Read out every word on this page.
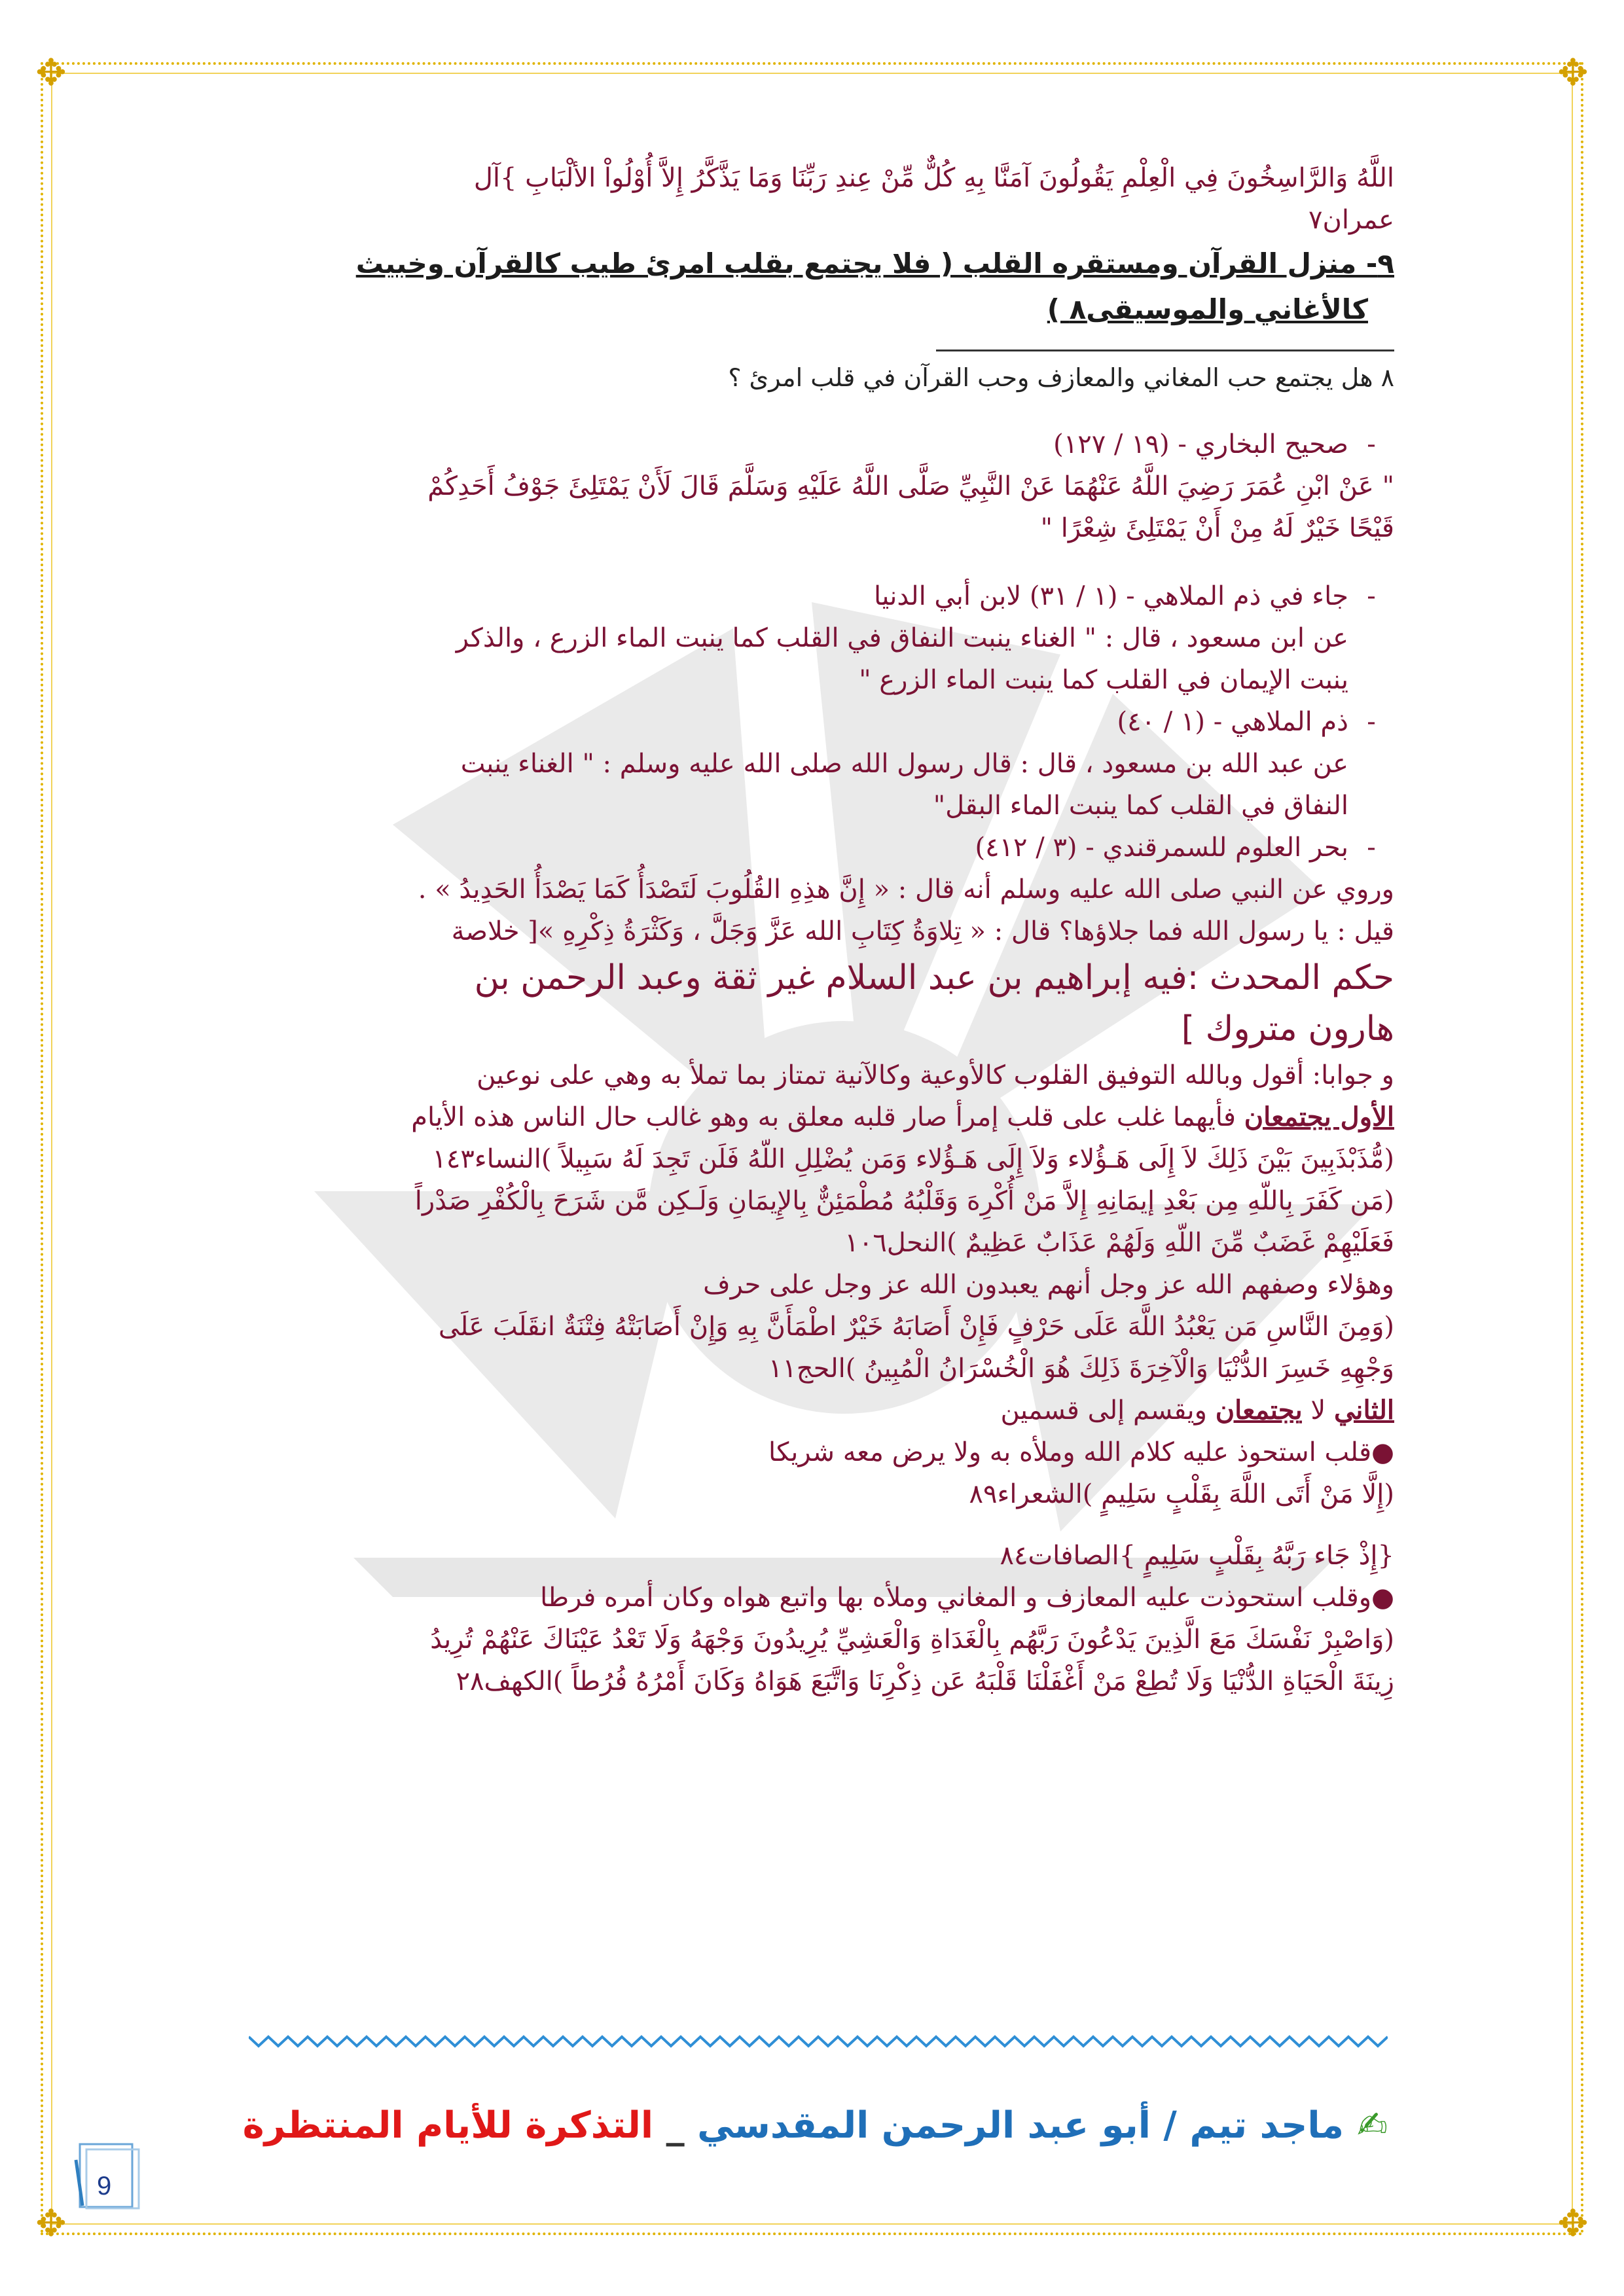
✥	✥
✥	✥
اللَّهُ وَالرَّاسِخُونَ فِي الْعِلْمِ يَقُولُونَ آمَنَّا بِهِ كُلٌّ مِّنْ عِندِ رَبِّنَا وَمَا يَذَّكَّرُ إِلاَّ أُوْلُواْ الألْبَابِ }آل
عمران٧
٩- منزل القرآن ومستقره القلب ( فلا يجتمع بقلب امرئ طيب كالقرآن وخبيث
كالأغاني والموسيقى٨ )
٨ هل يجتمع حب المغاني والمعازف وحب القرآن في قلب امرئ ؟
-صحيح البخاري - (١٩ / ١٢٧)
" عَنْ ابْنِ عُمَرَ رَضِيَ اللَّهُ عَنْهُمَا عَنْ النَّبِيِّ صَلَّى اللَّهُ عَلَيْهِ وَسَلَّمَ قَالَ لَأَنْ يَمْتَلِئَ جَوْفُ أَحَدِكُمْ
قَيْحًا خَيْرٌ لَهُ مِنْ أَنْ يَمْتَلِئَ شِعْرًا "
-جاء في ذم الملاهي - (١ / ٣١) لابن أبي الدنيا
عن ابن مسعود ، قال : " الغناء ينبت النفاق في القلب كما ينبت الماء الزرع ، والذكر
ينبت الإيمان في القلب كما ينبت الماء الزرع "
-ذم الملاهي - (١ / ٤٠)
عن عبد الله بن مسعود ، قال : قال رسول الله صلى الله عليه وسلم : " الغناء ينبت
النفاق في القلب كما ينبت الماء البقل"
-بحر العلوم للسمرقندي - (٣ / ٤١٢)
وروي عن النبي صلى الله عليه وسلم أنه قال : « إِنَّ هذِهِ القُلُوبَ لَتَصْدَأُ كَمَا يَصْدَأُ الحَدِيدُ » .
قيل : يا رسول الله فما جلاؤها؟ قال : « تِلاوَةُ كِتَابِ الله عَزَّ وَجَلَّ ، وَكَثْرَةُ ذِكْرِهِ »[ خلاصة
حكم المحدث :فيه إبراهيم بن عبد السلام غير ثقة وعبد الرحمن بن
هارون متروك ]
و جوابا: أقول وبالله التوفيق القلوب كالأوعية وكالآنية تمتاز بما تملأ به وهي على نوعين
الأول يجتمعان فأيهما غلب على قلب إمرأ صار قلبه معلق به وهو غالب حال الناس هذه الأيام
(مُّذَبْذَبِينَ بَيْنَ ذَلِكَ لاَ إِلَى هَـؤُلاء وَلاَ إِلَى هَـؤُلاء وَمَن يُضْلِلِ اللّهُ فَلَن تَجِدَ لَهُ سَبِيلاً )النساء١٤٣
(مَن كَفَرَ بِاللّهِ مِن بَعْدِ إيمَانِهِ إِلاَّ مَنْ أُكْرِهَ وَقَلْبُهُ مُطْمَئِنٌّ بِالإِيمَانِ وَلَـكِن مَّن شَرَحَ بِالْكُفْرِ صَدْراً
فَعَلَيْهِمْ غَضَبٌ مِّنَ اللّهِ وَلَهُمْ عَذَابٌ عَظِيمٌ )النحل١٠٦
وهؤلاء وصفهم الله عز وجل أنهم يعبدون الله عز وجل على حرف
(وَمِنَ النَّاسِ مَن يَعْبُدُ اللَّهَ عَلَى حَرْفٍ فَإِنْ أَصَابَهُ خَيْرٌ اطْمَأَنَّ بِهِ وَإِنْ أَصَابَتْهُ فِتْنَةٌ انقَلَبَ عَلَى
وَجْهِهِ خَسِرَ الدُّنْيَا وَالْآخِرَةَ ذَلِكَ هُوَ الْخُسْرَانُ الْمُبِينُ )الحج١١
الثاني لا يجتمعان ويقسم إلى قسمين
●قلب استحوذ عليه كلام الله وملأه به ولا يرض معه شريكا
(إِلَّا مَنْ أَتَى اللَّهَ بِقَلْبٍ سَلِيمٍ )الشعراء٨٩
{إِذْ جَاء رَبَّهُ بِقَلْبٍ سَلِيمٍ }الصافات٨٤
●وقلب استحوذت عليه المعازف و المغاني وملأه بها واتبع هواه وكان أمره فرطا
(وَاصْبِرْ نَفْسَكَ مَعَ الَّذِينَ يَدْعُونَ رَبَّهُم بِالْغَدَاةِ وَالْعَشِيِّ يُرِيدُونَ وَجْهَهُ وَلَا تَعْدُ عَيْنَاكَ عَنْهُمْ تُرِيدُ
زِينَةَ الْحَيَاةِ الدُّنْيَا وَلَا تُطِعْ مَنْ أَغْفَلْنَا قَلْبَهُ عَن ذِكْرِنَا وَاتَّبَعَ هَوَاهُ وَكَانَ أَمْرُهُ فُرُطاً )الكهف٢٨
✍ماجد تيم / أبو عبد الرحمن المقدسي _ التذكرة للأيام المنتظرة
9
